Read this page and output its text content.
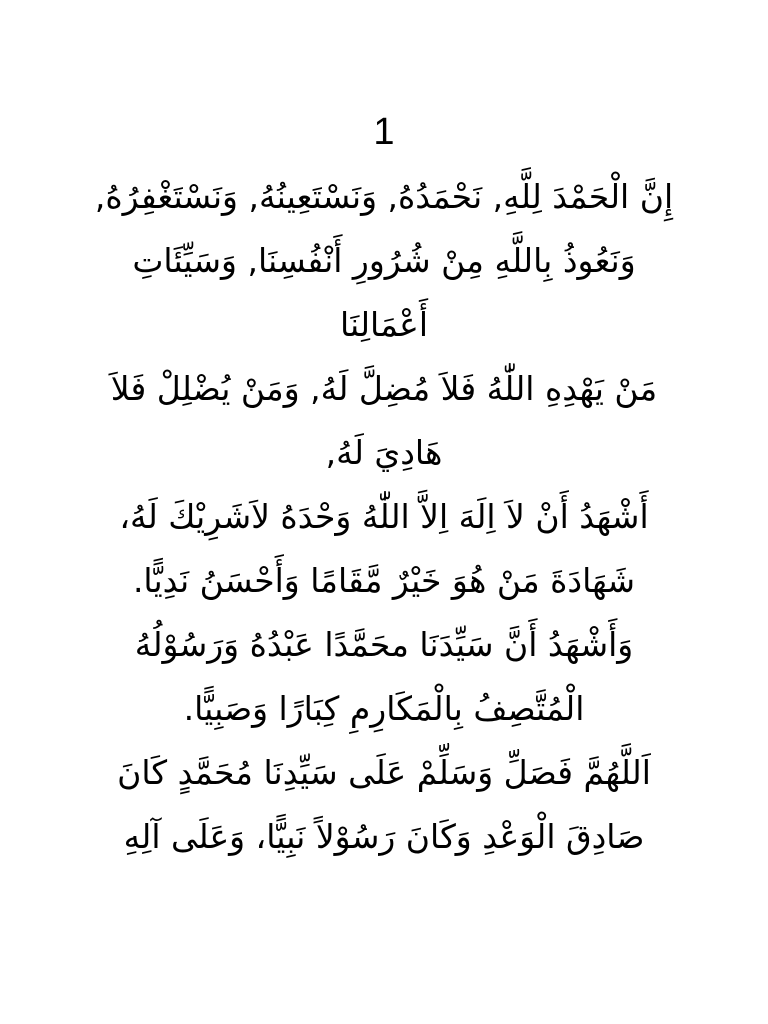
1
إِنَّ الْحَمْدَ لِلَّهِ, نَحْمَدُهُ, وَنَسْتَعِينُهُ, وَنَسْتَغْفِرُهُ,
وَنَعُوذُ بِاللَّهِ مِنْ شُرُورِ أَنْفُسِنَا, وَسَيِّئَاتِ
أَعْمَالِنَا
مَنْ يَهْدِهِ اللّٰهُ فَلاَ مُضِلَّ لَهُ, وَمَنْ يُضْلِلْ فَلاَ
هَادِيَ لَهُ,
أَشْهَدُ أَنْ لاَ اِلَهَ اِلاَّ اللّٰهُ وَحْدَهُ لاَشَرِيْكَ لَهُ،
شَهَادَةَ مَنْ هُوَ خَيْرٌ مَّقَامًا وَأَحْسَنُ نَدِيًّا.
وَأَشْهَدُ أَنَّ سَيِّدَنَا محَمَّدًا عَبْدُهُ وَرَسُوْلُهُ
الْمُتَّصِفُ بِالْمَكَارِمِ كِبَارًا وَصَبِيًّا.
اَللَّهُمَّ فَصَلِّ وَسَلِّمْ عَلَى سَيِّدِنَا مُحَمَّدٍ كَانَ
صَادِقَ الْوَعْدِ وَكَانَ رَسُوْلاً نَبِيًّا، وَعَلَى آلِهِ
